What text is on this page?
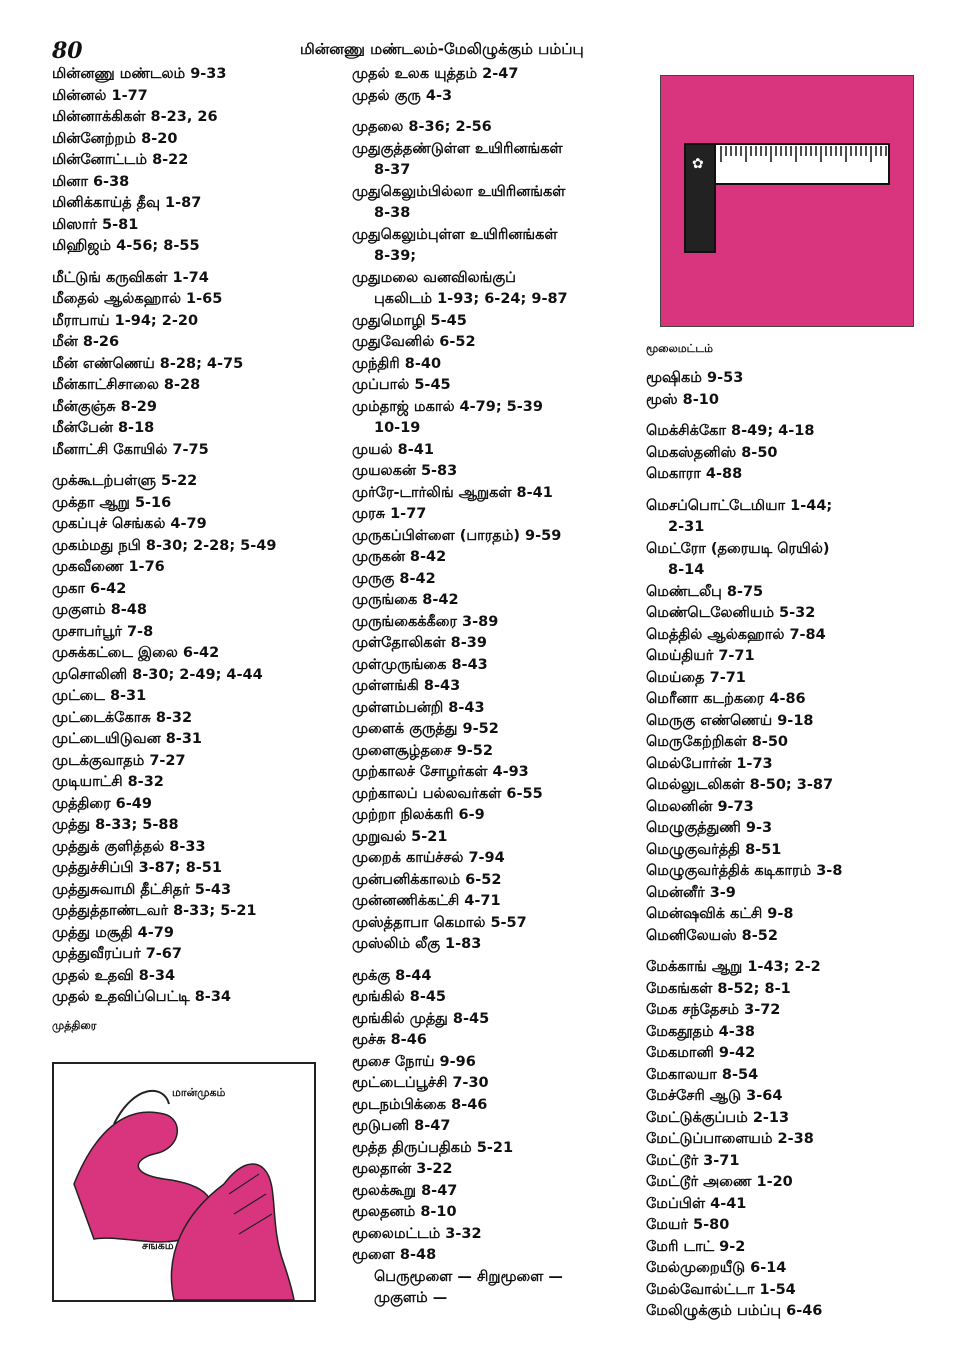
80	மின்னணு மண்டலம்-மேலிழுக்கும் பம்ப்பு
மின்னணு மண்டலம் 9-33
மின்னல் 1-77
மின்னாக்கிகள் 8-23, 26
மின்னேற்றம் 8-20
மின்னோட்டம் 8-22
மினா 6-38
மினிக்காய்த் தீவு 1-87
மிஸார் 5-81
மிஹிஜம் 4-56; 8-55
மீட்டுங் கருவிகள் 1-74
மீதைல் ஆல்கஹால் 1-65
மீராபாய் 1-94; 2-20
மீன் 8-26
மீன் எண்ணெய் 8-28; 4-75
மீன்காட்சிசாலை 8-28
மீன்குஞ்சு 8-29
மீன்பேன் 8-18
மீனாட்சி கோயில் 7-75
முக்கூடற்பள்ளு 5-22
முக்தா ஆறு 5-16
முகப்புச் செங்கல் 4-79
முகம்மது நபி 8-30; 2-28; 5-49
முகவீணை 1-76
முகா 6-42
முகுளம் 8-48
முசாபர்பூர் 7-8
முசுக்கட்டை இலை 6-42
முசொலினி 8-30; 2-49; 4-44
முட்டை 8-31
முட்டைக்கோசு 8-32
முட்டையிடுவன 8-31
முடக்குவாதம் 7-27
முடியாட்சி 8-32
முத்திரை 6-49
முத்து 8-33; 5-88
முத்துக் குளித்தல் 8-33
முத்துச்சிப்பி 3-87; 8-51
முத்துசுவாமி தீட்சிதர் 5-43
முத்துத்தாண்டவர் 8-33; 5-21
முத்து மசூதி 4-79
முத்துவீரப்பர் 7-67
முதல் உதவி 8-34
முதல் உதவிப்பெட்டி 8-34
முத்திரை
முதல் உலக யுத்தம் 2-47
முதல் குரு 4-3
முதலை 8-36; 2-56
முதுகுத்தண்டுள்ள உயிரினங்கள்
8-37
முதுகெலும்பில்லா உயிரினங்கள்
8-38
முதுகெலும்புள்ள உயிரினங்கள்
8-39;
முதுமலை வனவிலங்குப்
புகலிடம் 1-93; 6-24; 9-87
முதுமொழி 5-45
முதுவேனில் 6-52
முந்திரி 8-40
முப்பால் 5-45
மும்தாஜ் மகால் 4-79; 5-39
10-19
முயல் 8-41
முயலகன் 5-83
முர்ரே-டார்லிங் ஆறுகள் 8-41
முரசு 1-77
முருகப்பிள்ளை (பாரதம்) 9-59
முருகன் 8-42
முருகு 8-42
முருங்கை 8-42
முருங்கைக்கீரை 3-89
முள்தோலிகள் 8-39
முள்முருங்கை 8-43
முள்ளங்கி 8-43
முள்ளம்பன்றி 8-43
முளைக் குருத்து 9-52
முளைசூழ்தசை 9-52
முற்காலச் சோழர்கள் 4-93
முற்காலப் பல்லவர்கள் 6-55
முற்றா நிலக்கரி 6-9
முறுவல் 5-21
முறைக் காய்ச்சல் 7-94
முன்பனிக்காலம் 6-52
முன்னணிக்கட்சி 4-71
முஸ்த்தாபா கெமால் 5-57
முஸ்லிம் லீகு 1-83
மூக்கு 8-44
மூங்கில் 8-45
மூங்கில் முத்து 8-45
மூச்சு 8-46
மூசை நோய் 9-96
மூட்டைப்பூச்சி 7-30
மூடநம்பிக்கை 8-46
மூடுபனி 8-47
மூத்த திருப்பதிகம் 5-21
மூலதான் 3-22
மூலக்கூறு 8-47
மூலதனம் 8-10
மூலைமட்டம் 3-32
மூளை 8-48
பெருமூளை — சிறுமூளை —
முகுளம் —
✿
மூலைமட்டம்
மூஷிகம் 9-53
மூஸ் 8-10
மெக்சிக்கோ 8-49; 4-18
மெகஸ்தனிஸ் 8-50
மெகாரா 4-88
மெசப்பொட்டேமியா 1-44;
2-31
மெட்ரோ (தரையடி ரெயில்)
8-14
மெண்டலீபு 8-75
மெண்டெலேனியம் 5-32
மெத்தில் ஆல்கஹால் 7-84
மெய்தியர் 7-71
மெய்தை 7-71
மெரீனா கடற்கரை 4-86
மெருகு எண்ணெய் 9-18
மெருகேற்றிகள் 8-50
மெல்போர்ன் 1-73
மெல்லுடலிகள் 8-50; 3-87
மெலனின் 9-73
மெழுகுத்துணி 9-3
மெழுகுவர்த்தி 8-51
மெழுகுவர்த்திக் கடிகாரம் 3-8
மென்னீர் 3-9
மென்ஷவிக் கட்சி 9-8
மெனிலேயஸ் 8-52
மேக்காங் ஆறு 1-43; 2-2
மேகங்கள் 8-52; 8-1
மேக சந்தேசம் 3-72
மேகதூதம் 4-38
மேகமானி 9-42
மேகாலயா 8-54
மேச்சேரி ஆடு 3-64
மேட்டுக்குப்பம் 2-13
மேட்டுப்பாளையம் 2-38
மேட்டூர் 3-71
மேட்டூர் அணை 1-20
மேப்பிள் 4-41
மேயர் 5-80
மேரி டாட் 9-2
மேல்முறையீடு 6-14
மேல்வோல்ட்டா 1-54
மேலிழுக்கும் பம்ப்பு 6-46
மான்முகம்
சங்கம்
